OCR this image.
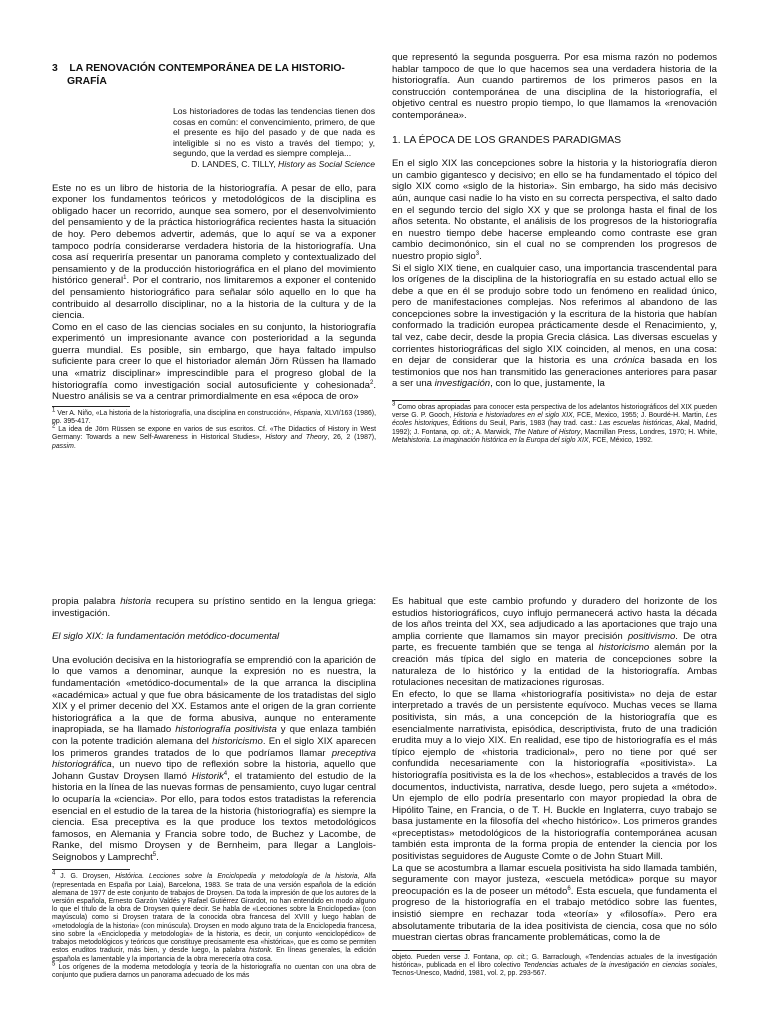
3 LA RENOVACIÓN CONTEMPORÁNEA DE LA HISTORIO-
GRAFÍA
Los historiadores de todas las tendencias tienen dos cosas en común: el convencimiento, primero, de que el presente es hijo del pasado y de que nada es inteligible si no es visto a través del tiempo; y, segundo, que la verdad es siempre compleja...
D. LANDES, C. TILLY, History as Social Science

Este no es un libro de historia de la historiografía. A pesar de ello, para exponer los fundamentos teóricos y metodológicos de la disciplina es obligado hacer un recorrido, aunque sea somero, por el desenvolvimiento del pensamiento y de la práctica historiográfica recientes hasta la situación de hoy. Pero debemos advertir, además, que lo aquí se va a exponer tampoco podría considerarse verdadera historia de la historiografía. Una cosa así requeriría presentar un panorama completo y contextualizado del pensamiento y de la producción historiográfica en el plano del movimiento histórico general$^1$. Por el contrario, nos limitaremos a exponer el contenido del pensamiento historiográfico para señalar sólo aquello en lo que ha contribuido al desarrollo disciplinar, no a la historia de la cultura y de la ciencia.

Como en el caso de las ciencias sociales en su conjunto, la historiografía experimentó un impresionante avance con posterioridad a la segunda guerra mundial. Es posible, sin embargo, que haya faltado impulso suficiente para creer lo que el historiador alemán Jörn Rüssen ha llamado una «matriz disciplinar» imprescindible para el progreso global de la historiografía como investigación social autosuficiente y cohesionada$^2$. Nuestro análisis se va a centrar primordialmente en esa «época de oro»

$^1$ Ver A. Niño, «La historia de la historiografía, una disciplina en construcción», Hispania, XLVI/163 (1986), pp. 395-417.
$^2$ La idea de Jörn Rüssen se expone en varios de sus escritos. Cf. «The Didactics of History in West Germany: Towards a new Self-Awareness in Historical Studies», History and Theory, 26, 2 (1987), passim.

que representó la segunda posguerra. Por esa misma razón no podemos hablar tampoco de que lo que hacemos sea una verdadera historia de la historiografía. Aun cuando partiremos de los primeros pasos en la construcción contemporánea de una disciplina de la historiografía, el objetivo central es nuestro propio tiempo, lo que llamamos la «renovación contemporánea».

1. LA ÉPOCA DE LOS GRANDES PARADIGMAS

En el siglo XIX las concepciones sobre la historia y la historiografía dieron un cambio gigantesco y decisivo; en ello se ha fundamentado el tópico del siglo XIX como «siglo de la historia». Sin embargo, ha sido más decisivo aún, aunque casi nadie lo ha visto en su correcta perspectiva, el salto dado en el segundo tercio del siglo XX y que se prolonga hasta el final de los años setenta. No obstante, el análisis de los progresos de la historiografía en nuestro tiempo debe hacerse empleando como contraste ese gran cambio decimonónico, sin el cual no se comprenden los progresos de nuestro propio siglo$^3$.

Si el siglo XIX tiene, en cualquier caso, una importancia trascendental para los orígenes de la disciplina de la historiografía en su estado actual ello se debe a que en él se produjo sobre todo un fenómeno en realidad único, pero de manifestaciones complejas. Nos referimos al abandono de las concepciones sobre la investigación y la escritura de la historia que habían conformado la tradición europea prácticamente desde el Renacimiento, y, tal vez, cabe decir, desde la propia Grecia clásica. Las diversas escuelas y corrientes historiográficas del siglo XIX coinciden, al menos, en una cosa: en dejar de considerar que la historia es una crónica basada en los testimonios que nos han transmitido las generaciones anteriores para pasar a ser una investigación, con lo que, justamente, la

$^3$ Como obras apropiadas para conocer esta perspectiva de los adelantos historiográficos del XIX pueden verse G. P. Gooch, Historia e historiadores en el siglo XIX, FCE, Mexico, 1955; J. Bourdé-H. Martin, Les écoles historiques, Éditions du Seuil, Paris, 1983 (hay trad. cast.: Las escuelas históricas, Akal, Madrid, 1992); J. Fontana, op. cit.; A. Marwick, The Nature of History, Macmillan Press, Londres, 1970; H. White, Metahistoria. La imaginación histórica en la Europa del siglo XIX, FCE, México, 1992.

propia palabra historia recupera su prístino sentido en la lengua griega: investigación.

El siglo XIX: la fundamentación metódico-documental

Una evolución decisiva en la historiografía se emprendió con la aparición de lo que vamos a denominar, aunque la expresión no es nuestra, la fundamentación «metódico-documental» de la que arranca la disciplina «académica» actual y que fue obra básicamente de los tratadistas del siglo XIX y el primer decenio del XX. Estamos ante el origen de la gran corriente historiográfica a la que de forma abusiva, aunque no enteramente inapropiada, se ha llamado historiografía positivista y que enlaza también con la potente tradición alemana del historicismo. En el siglo XIX aparecen los primeros grandes tratados de lo que podríamos llamar preceptiva historiográfica, un nuevo tipo de reflexión sobre la historia, aquello que Johann Gustav Droysen llamó Historik$^4$, el tratamiento del estudio de la historia en la línea de las nuevas formas de pensamiento, cuyo lugar central lo ocuparía la «ciencia». Por ello, para todos estos tratadistas la referencia esencial en el estudio de la tarea de la historia (historiografía) es siempre la ciencia. Esa preceptiva es la que produce los textos metodológicos famosos, en Alemania y Francia sobre todo, de Buchez y Lacombe, de Ranke, del mismo Droysen y de Bernheim, para llegar a Langlois-Seignobos y Lamprecht$^5$.

$^4$ J. G. Droysen, Histórica. Lecciones sobre la Enciclopedia y metodología de la historia, Alfa (representada en España por Laia), Barcelona, 1983. Se trata de una versión española de la edición alemana de 1977 de este conjunto de trabajos de Droysen. Da toda la impresión de que los autores de la versión española, Ernesto Garzón Valdés y Rafael Gutiérrez Girardot, no han entendido en modo alguno lo que el título de la obra de Droysen quiere decir. Se habla de «Lecciones sobre la Enciclopedia» (con mayúscula) como si Droysen tratara de la conocida obra francesa del XVIII y luego hablan de «metodología de la historia» (con minúscula). Droysen en modo alguno trata de la Enciclopedia francesa, sino sobre la «Enciclopedia y metodología» de la historia, es decir, un conjunto «enciclopédico» de trabajos metodológicos y teóricos que constituye precisamente esa «histórica», que es como se permiten estos eruditos traducir, más bien, y desde luego, la palabra historik. En líneas generales, la edición española es lamentable y la importancia de la obra merecería otra cosa.
$^5$ Los orígenes de la moderna metodología y teoría de la historiografía no cuentan con una obra de conjunto que pudiera darnos un panorama adecuado de los más

Es habitual que este cambio profundo y duradero del horizonte de los estudios historiográficos, cuyo influjo permanecerá activo hasta la década de los años treinta del XX, sea adjudicado a las aportaciones que trajo una amplia corriente que llamamos sin mayor precisión positivismo. De otra parte, es frecuente también que se tenga al historicismo alemán por la creación más típica del siglo en materia de concepciones sobre la naturaleza de lo histórico y la entidad de la historiografía. Ambas rotulaciones necesitan de matizaciones rigurosas.

En efecto, lo que se llama «historiografía positivista» no deja de estar interpretado a través de un persistente equívoco. Muchas veces se llama positivista, sin más, a una concepción de la historiografía que es esencialmente narrativista, episódica, descriptivista, fruto de una tradición erudita muy a lo viejo XIX. En realidad, ese tipo de historiografía es el más típico ejemplo de «historia tradicional», pero no tiene por qué ser confundida necesariamente con la historiografía «positivista». La historiografía positivista es la de los «hechos», establecidos a través de los documentos, inductivista, narrativa, desde luego, pero sujeta a «método». Un ejemplo de ello podría presentarlo con mayor propiedad la obra de Hipólito Taine, en Francia, o de T. H. Buckle en Inglaterra, cuyo trabajo se basa justamente en la filosofía del «hecho histórico». Los primeros grandes «preceptistas» metodológicos de la historiografía contemporánea acusan también esta impronta de la forma propia de entender la ciencia por los positivistas seguidores de Auguste Comte o de John Stuart Mill.

La que se acostumbra a llamar escuela positivista ha sido llamada también, seguramente con mayor justeza, «escuela metódica» porque su mayor preocupación es la de poseer un método$^6$. Esta escuela, que fundamenta el progreso de la historiografía en el trabajo metódico sobre las fuentes, insistió siempre en rechazar toda «teoría» y «filosofía». Pero era absolutamente tributaria de la idea positivista de ciencia, cosa que no sólo muestran ciertas obras francamente problemáticas, como la de

objeto. Pueden verse J. Fontana, op. cit.; G. Barraclough, «Tendencias actuales de la investigación histórica», publicada en el libro colectivo Tendencias actuales de la investigación en ciencias sociales, Tecnos-Unesco, Madrid, 1981, vol. 2, pp. 293-567.
